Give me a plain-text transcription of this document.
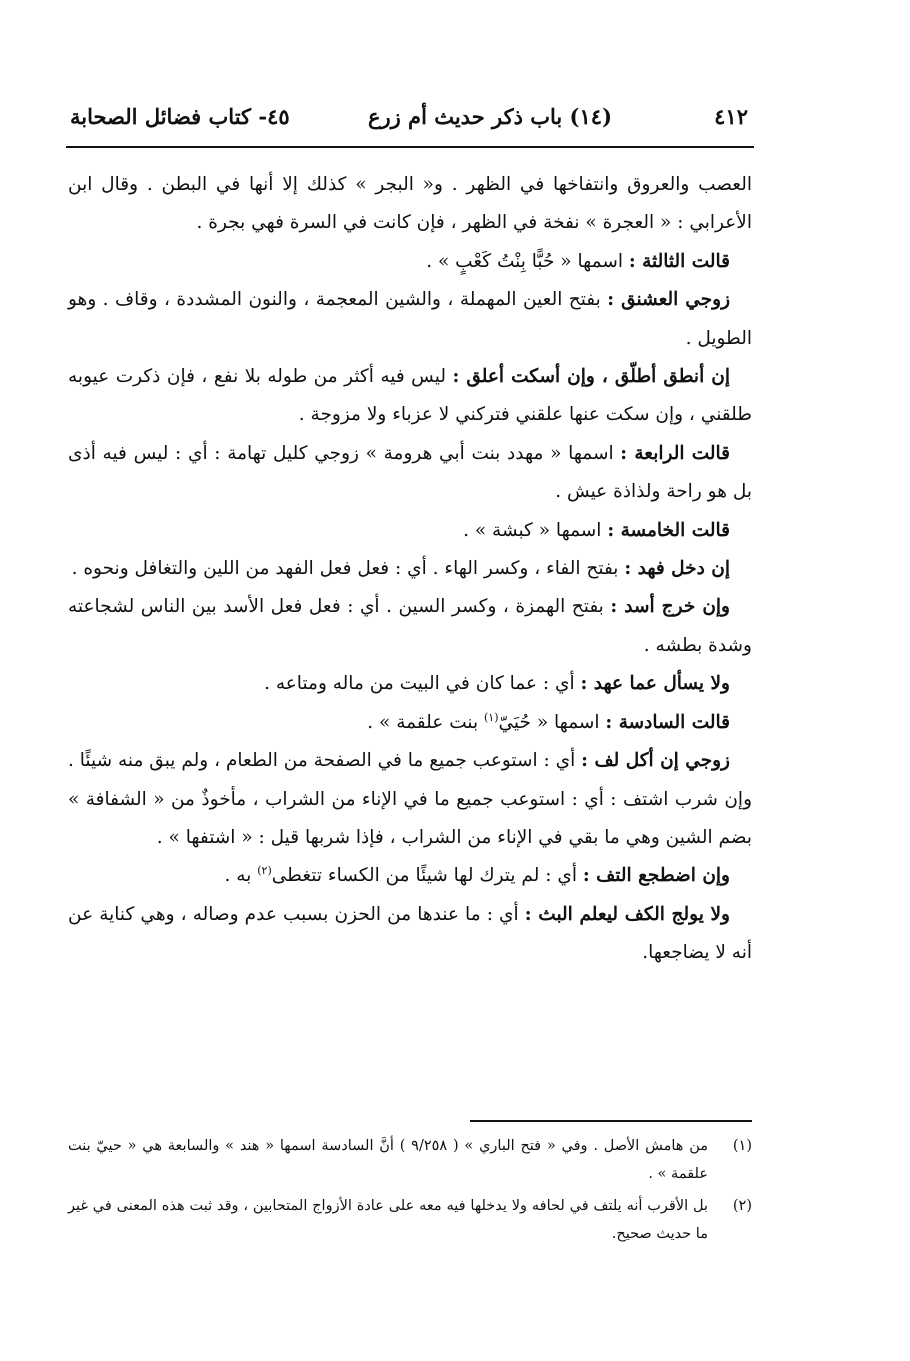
٤١٢
(١٤) باب ذكر حديث أم زرع
٤٥- كتاب فضائل الصحابة

العصب والعروق وانتفاخها في الظهر . و« البجر » كذلك إلا أنها في البطن . وقال ابن الأعرابي : « العجرة » نفخة في الظهر ، فإن كانت في السرة فهي بجرة .

قالت الثالثة : اسمها « حُبًّا بِنْتُ كَعْبٍ » .

زوجي العشنق : بفتح العين المهملة ، والشين المعجمة ، والنون المشددة ، وقاف . وهو الطويل .

إن أنطق أطلّق ، وإن أسكت أعلق : ليس فيه أكثر من طوله بلا نفع ، فإن ذكرت عيوبه طلقني ، وإن سكت عنها علقني فتركني لا عزباء ولا مزوجة .

قالت الرابعة : اسمها « مهدد بنت أبي هرومة » زوجي كليل تهامة : أي : ليس فيه أذى بل هو راحة ولذاذة عيش .

قالت الخامسة : اسمها « كبشة » .

إن دخل فهد : بفتح الفاء ، وكسر الهاء . أي : فعل فعل الفهد من اللين والتغافل ونحوه .

وإن خرج أسد : بفتح الهمزة ، وكسر السين . أي : فعل فعل الأسد بين الناس لشجاعته وشدة بطشه .

ولا يسأل عما عهد : أي : عما كان في البيت من ماله ومتاعه .

قالت السادسة : اسمها « حُيَيّ$^{(١)}$ بنت علقمة » .

زوجي إن أكل لف : أي : استوعب جميع ما في الصفحة من الطعام ، ولم يبق منه شيئًا . وإن شرب اشتف : أي : استوعب جميع ما في الإناء من الشراب ، مأخوذٌ من « الشفافة » بضم الشين وهي ما بقي في الإناء من الشراب ، فإذا شربها قيل : « اشتفها » .

وإن اضطجع التف : أي : لم يترك لها شيئًا من الكساء تتغطى$^{(٢)}$ به .

ولا يولج الكف ليعلم البث : أي : ما عندها من الحزن بسبب عدم وصاله ، وهي كناية عن أنه لا يضاجعها.

(١)
من هامش الأصل . وفي « فتح الباري » ( ٩/٢٥٨ ) أنَّ السادسة اسمها « هند » والسابعة هي « حييّ بنت علقمة » .
(٢)
بل الأقرب أنه يلتف في لحافه ولا يدخلها فيه معه على عادة الأزواج المتحابين ، وقد ثبت هذه المعنى في غير ما حديث صحيح.
